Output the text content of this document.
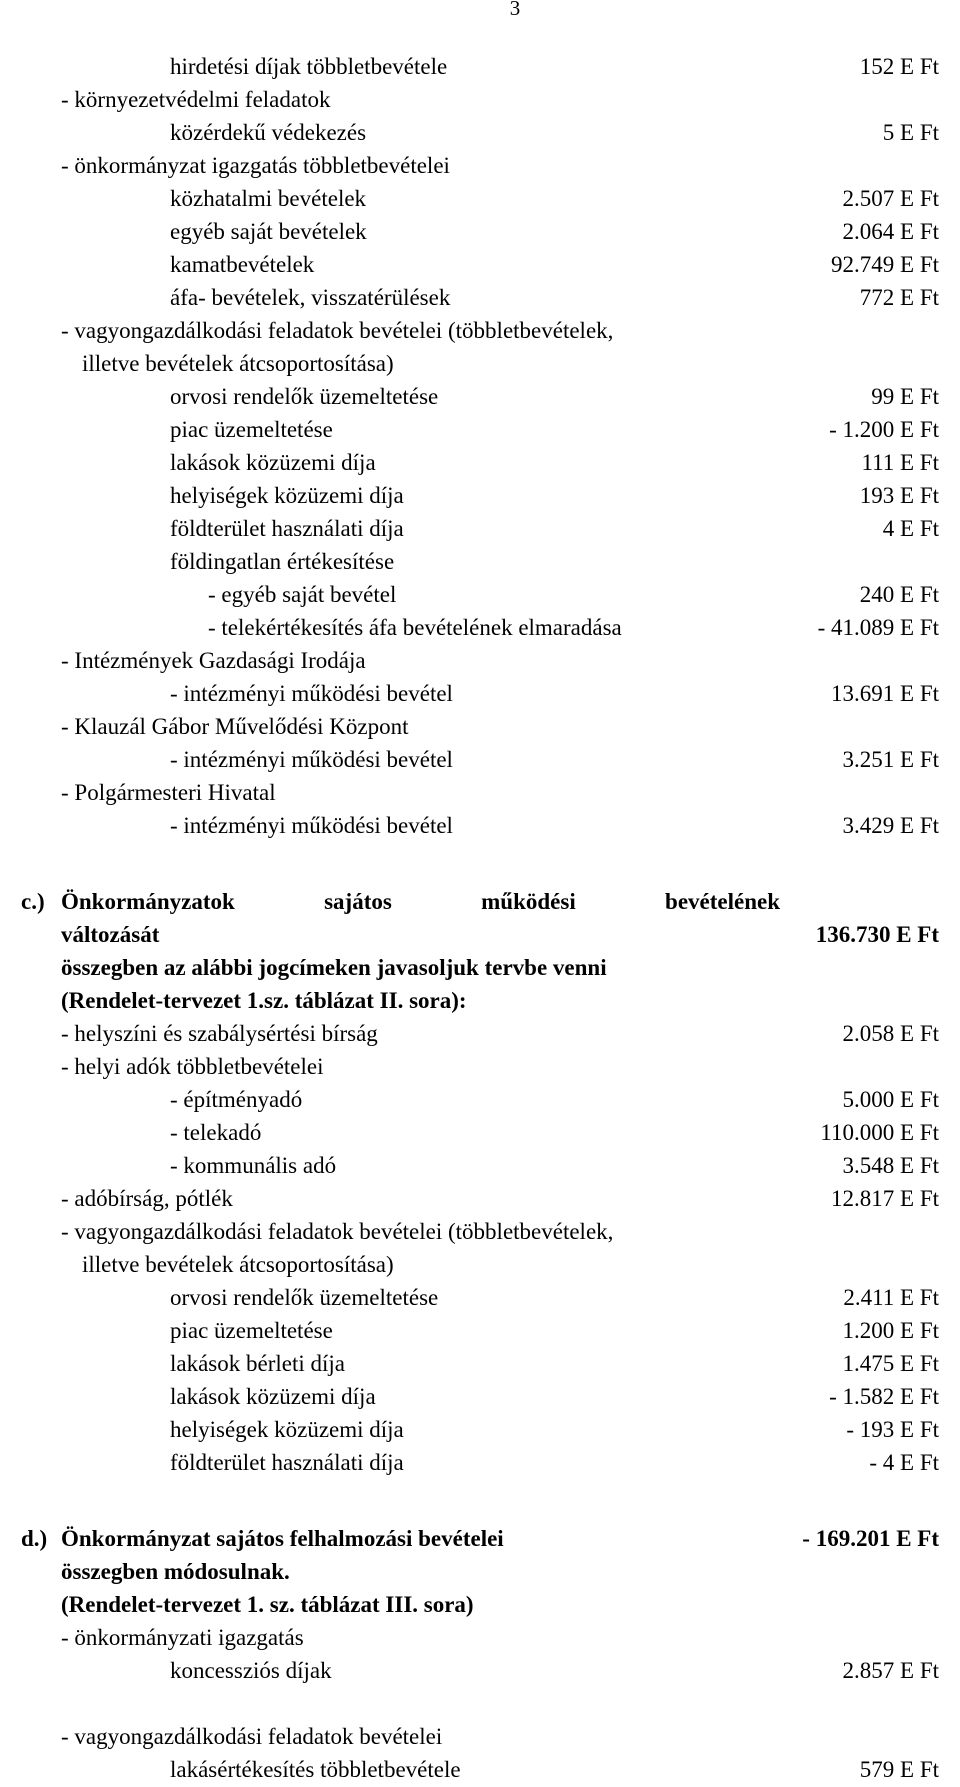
3
hirdetési díjak többletbevétele	152 E Ft
- környezetvédelmi feladatok
közérdekű védekezés	5 E Ft
- önkormányzat igazgatás többletbevételei
közhatalmi bevételek	2.507 E Ft
egyéb saját bevételek	2.064 E Ft
kamatbevételek	92.749 E Ft
áfa- bevételek, visszatérülések	772 E Ft
- vagyongazdálkodási feladatok bevételei (többletbevételek,
illetve bevételek átcsoportosítása)
orvosi rendelők üzemeltetése	99 E Ft
piac üzemeltetése	- 1.200 E Ft
lakások közüzemi díja	111 E Ft
helyiségek közüzemi díja	193 E Ft
földterület használati díja	4 E Ft
földingatlan értékesítése
- egyéb saját bevétel	240 E Ft
- telekértékesítés áfa bevételének elmaradása	- 41.089 E Ft
- Intézmények Gazdasági Irodája
- intézményi működési bevétel	13.691 E Ft
- Klauzál Gábor Művelődési Központ
- intézményi működési bevétel	3.251 E Ft
- Polgármesteri Hivatal
- intézményi működési bevétel	3.429 E Ft
c.) Önkormányzatok sajátos működési bevételének
változását	136.730 E Ft
összegben az alábbi jogcímeken javasoljuk tervbe venni
(Rendelet-tervezet 1.sz. táblázat II. sora):
- helyszíni és szabálysértési bírság	2.058 E Ft
- helyi adók többletbevételei
- építményadó	5.000 E Ft
- telekadó	110.000 E Ft
- kommunális adó	3.548 E Ft
- adóbírság, pótlék	12.817 E Ft
- vagyongazdálkodási feladatok bevételei (többletbevételek,
illetve bevételek átcsoportosítása)
orvosi rendelők üzemeltetése	2.411 E Ft
piac üzemeltetése	1.200 E Ft
lakások bérleti díja	1.475 E Ft
lakások közüzemi díja	- 1.582 E Ft
helyiségek közüzemi díja	- 193 E Ft
földterület használati díja	- 4 E Ft
d.) Önkormányzat sajátos felhalmozási bevételei	- 169.201 E Ft
összegben módosulnak.
(Rendelet-tervezet 1. sz. táblázat III. sora)
- önkormányzati igazgatás
koncessziós díjak	2.857 E Ft
- vagyongazdálkodási feladatok bevételei
lakásértékesítés többletbevétele	579 E Ft
